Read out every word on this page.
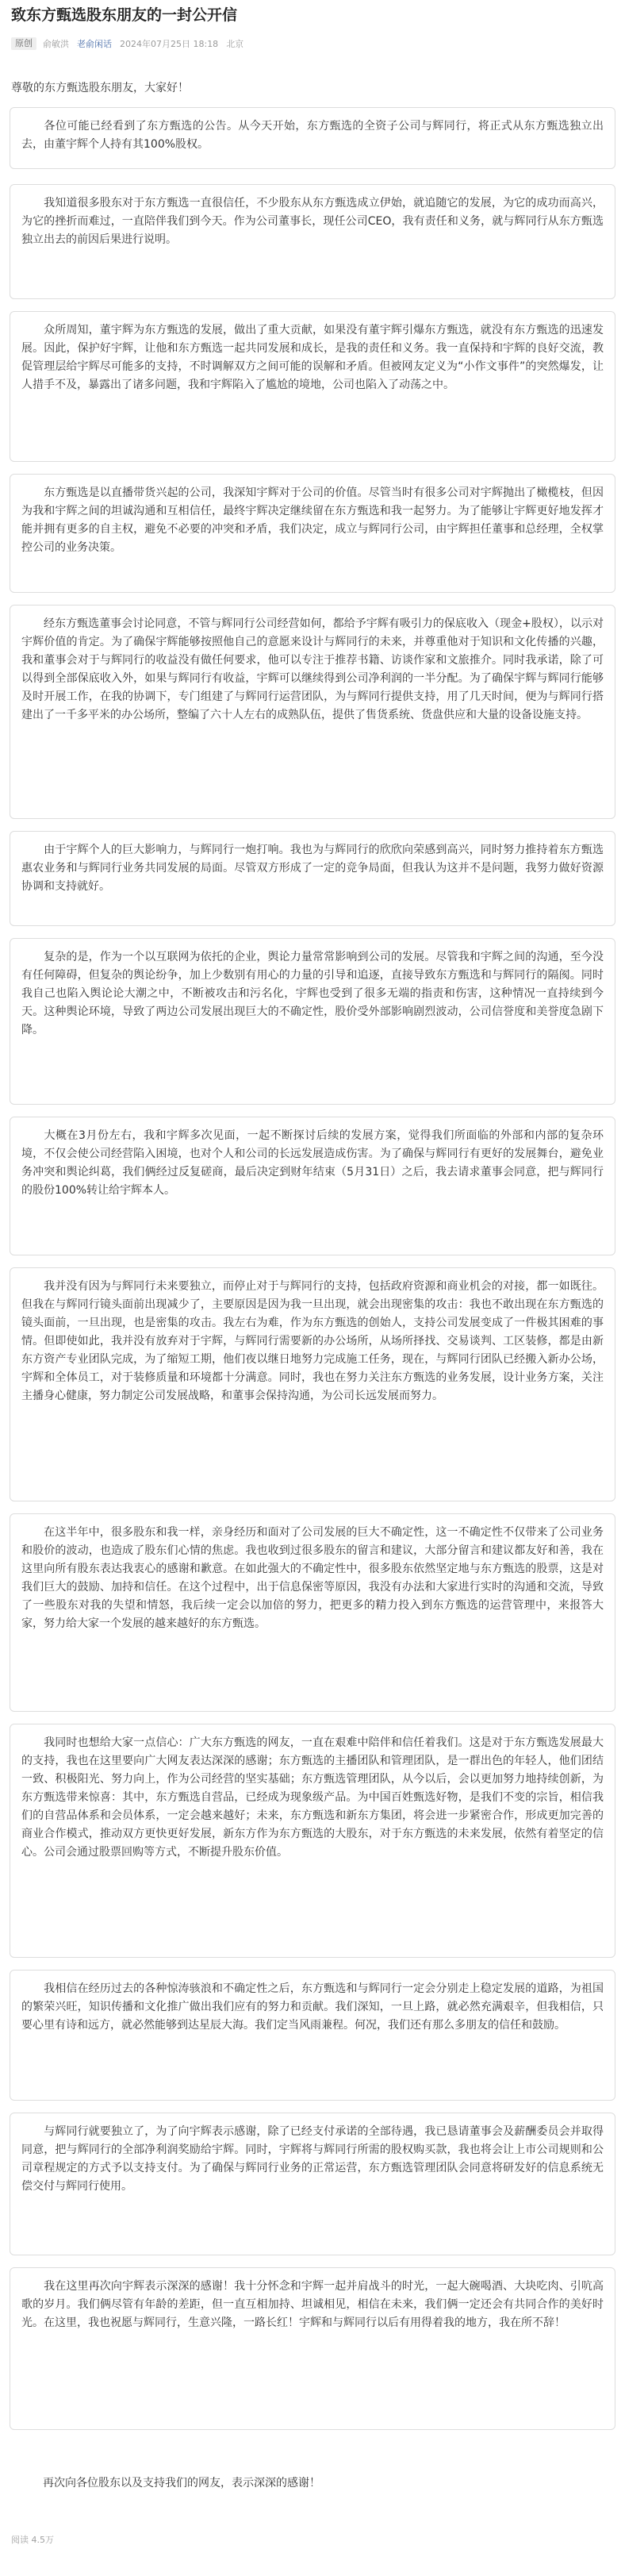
致东方甄选股东朋友的一封公开信
原创	俞敏洪 老俞闲话 2024年07月25日 18:18 北京
尊敬的东方甄选股东朋友，大家好！
各位可能已经看到了东方甄选的公告。从今天开始，东方甄选的全资子公司与辉同行，将正式从东方甄选独立出去，由董宇辉个人持有其100%股权。
我知道很多股东对于东方甄选一直很信任，不少股东从东方甄选成立伊始，就追随它的发展，为它的成功而高兴，为它的挫折而难过，一直陪伴我们到今天。作为公司董事长，现任公司CEO，我有责任和义务，就与辉同行从东方甄选独立出去的前因后果进行说明。
众所周知，董宇辉为东方甄选的发展，做出了重大贡献，如果没有董宇辉引爆东方甄选，就没有东方甄选的迅速发展。因此，保护好宇辉，让他和东方甄选一起共同发展和成长，是我的责任和义务。我一直保持和宇辉的良好交流，教促管理层给宇辉尽可能多的支持，不时调解双方之间可能的误解和矛盾。但被网友定义为“小作文事件”的突然爆发，让人措手不及，暴露出了诸多问题，我和宇辉陷入了尴尬的境地，公司也陷入了动荡之中。
东方甄选是以直播带货兴起的公司，我深知宇辉对于公司的价值。尽管当时有很多公司对宇辉抛出了橄榄枝，但因为我和宇辉之间的坦诚沟通和互相信任，最终宇辉决定继续留在东方甄选和我一起努力。为了能够让宇辉更好地发挥才能并拥有更多的自主权，避免不必要的冲突和矛盾，我们决定，成立与辉同行公司，由宇辉担任董事和总经理，全权掌控公司的业务决策。
经东方甄选董事会讨论同意，不管与辉同行公司经营如何，都给予宇辉有吸引力的保底收入（现金+股权），以示对宇辉价值的肯定。为了确保宇辉能够按照他自己的意愿来设计与辉同行的未来，并尊重他对于知识和文化传播的兴趣，我和董事会对于与辉同行的收益没有做任何要求，他可以专注于推荐书籍、访谈作家和文旅推介。同时我承诺，除了可以得到全部保底收入外，如果与辉同行有收益，宇辉可以继续得到公司净利润的一半分配。为了确保宇辉与辉同行能够及时开展工作，在我的协调下，专门组建了与辉同行运营团队，为与辉同行提供支持，用了几天时间，便为与辉同行搭建出了一千多平米的办公场所，整编了六十人左右的成熟队伍，提供了售货系统、货盘供应和大量的设备设施支持。
由于宇辉个人的巨大影响力，与辉同行一炮打响。我也为与辉同行的欣欣向荣感到高兴，同时努力推持着东方甄选惠农业务和与辉同行业务共同发展的局面。尽管双方形成了一定的竞争局面，但我认为这并不是问题，我努力做好资源协调和支持就好。
复杂的是，作为一个以互联网为依托的企业，舆论力量常常影响到公司的发展。尽管我和宇辉之间的沟通，至今没有任何障碍，但复杂的舆论纷争，加上少数别有用心的力量的引导和追逐，直接导致东方甄选和与辉同行的隔阂。同时我自己也陷入舆论论大潮之中，不断被攻击和污名化，宇辉也受到了很多无端的指责和伤害，这种情况一直持续到今天。这种舆论环境，导致了两边公司发展出现巨大的不确定性，股价受外部影响剧烈波动，公司信誉度和美誉度急剧下降。
大概在3月份左右，我和宇辉多次见面，一起不断探讨后续的发展方案，觉得我们所面临的外部和内部的复杂环境，不仅会使公司经营陷入困境，也对个人和公司的长远发展造成伤害。为了确保与辉同行有更好的发展舞台，避免业务冲突和舆论纠葛，我们俩经过反复磋商，最后决定到财年结束（5月31日）之后，我去请求董事会同意，把与辉同行的股份100%转让给宇辉本人。
我并没有因为与辉同行未来要独立，而停止对于与辉同行的支持，包括政府资源和商业机会的对接，都一如既往。但我在与辉同行镜头面前出现减少了，主要原因是因为我一旦出现，就会出现密集的攻击：我也不敢出现在东方甄选的镜头面前，一旦出现，也是密集的攻击。我左右为难，作为东方甄选的创始人，支持公司发展变成了一件极其困难的事情。但即使如此，我并没有放弃对于宇辉，与辉同行需要新的办公场所，从场所择找、交易谈判、工区装修，都是由新东方资产专业团队完成，为了缩短工期，他们夜以继日地努力完成施工任务，现在，与辉同行团队已经搬入新办公场，宇辉和全体员工，对于装修质量和环境都十分满意。同时，我也在努力关注东方甄选的业务发展，设计业务方案，关注主播身心健康，努力制定公司发展战略，和董事会保持沟通，为公司长远发展而努力。
在这半年中，很多股东和我一样，亲身经历和面对了公司发展的巨大不确定性，这一不确定性不仅带来了公司业务和股价的波动，也造成了股东们心情的焦虑。我也收到过很多股东的留言和建议，大部分留言和建议都友好和善，我在这里向所有股东表达我衷心的感谢和歉意。在如此强大的不确定性中，很多股东依然坚定地与东方甄选的股票，这是对我们巨大的鼓励、加持和信任。在这个过程中，出于信息保密等原因，我没有办法和大家进行实时的沟通和交流，导致了一些股东对我的失望和情怒，我后续一定会以加倍的努力，把更多的精力投入到东方甄选的运营管理中，来报答大家，努力给大家一个发展的越来越好的东方甄选。
我同时也想给大家一点信心：广大东方甄选的网友，一直在艰难中陪伴和信任着我们。这是对于东方甄选发展最大的支持，我也在这里要向广大网友表达深深的感谢；东方甄选的主播团队和管理团队，是一群出色的年轻人，他们团结一致、积极阳光、努力向上，作为公司经营的坚实基础；东方甄选管理团队，从今以后，会以更加努力地持续创新，为东方甄选带来惊喜：其中，东方甄选自营品，已经成为现象级产品。为中国百姓甄选好物，是我们不变的宗旨，相信我们的自营品体系和会员体系，一定会越来越好；未来，东方甄选和新东方集团，将会进一步紧密合作，形成更加完善的商业合作模式，推动双方更快更好发展，新东方作为东方甄选的大股东，对于东方甄选的未来发展，依然有着坚定的信心。公司会通过股票回购等方式，不断提升股东价值。
我相信在经历过去的各种惊涛骇浪和不确定性之后，东方甄选和与辉同行一定会分别走上稳定发展的道路，为祖国的繁荣兴旺，知识传播和文化推广做出我们应有的努力和贡献。我们深知，一旦上路，就必然充满艰辛，但我相信，只要心里有诗和远方，就必然能够到达星辰大海。我们定当风雨兼程。何况，我们还有那么多朋友的信任和鼓励。
与辉同行就要独立了，为了向宇辉表示感谢，除了已经支付承诺的全部待遇，我已恳请董事会及薪酬委员会并取得同意，把与辉同行的全部净利润奖励给宇辉。同时，宇辉将与辉同行所需的股权购买款，我也将会让上市公司规则和公司章程规定的方式予以支持支付。为了确保与辉同行业务的正常运营，东方甄选管理团队会同意将研发好的信息系统无偿交付与辉同行使用。
我在这里再次向宇辉表示深深的感谢！我十分怀念和宇辉一起并肩战斗的时光，一起大碗喝酒、大块吃肉、引吭高歌的岁月。我们俩尽管有年龄的差距，但一直互相加持、坦诚相见，相信在未来，我们俩一定还会有共同合作的美好时光。在这里，我也祝愿与辉同行，生意兴隆，一路长红！宇辉和与辉同行以后有用得着我的地方，我在所不辞！
再次向各位股东以及支持我们的网友，表示深深的感谢！
阅读 4.5万
